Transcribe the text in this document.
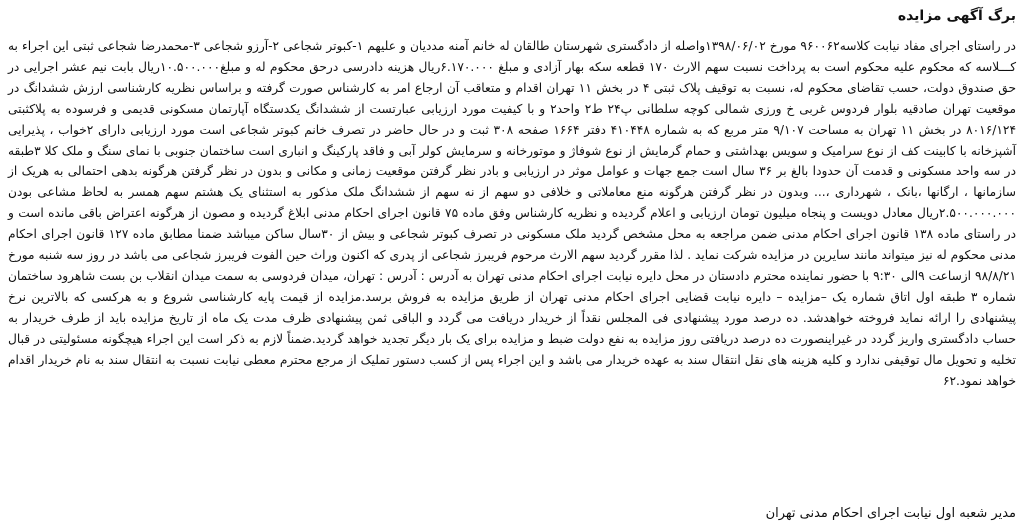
برگ آگهی مزایده

در راستای اجرای مفاد نیابت کلاسه۹۶۰۰۶۲ مورخ ۱۳۹۸/۰۶/۰۲واصله از دادگستری شهرستان طالقان له خانم آمنه مددیان و علیهم ۱-کبوتر شجاعی ۲-آرزو شجاعی ۳-محمدرضا شجاعی ثبتی این اجراء به کـــلاسه که محکوم علیه محکوم است به پرداخت نسبت سهم الارث ۱۷۰ قطعه سکه بهار آزادی و مبلغ ۶.۱۷۰.۰۰۰ریال هزینه دادرسی درحق محکوم له و مبلغ۱۰.۵۰۰.۰۰۰ریال بابت نیم عشر اجرایی در حق صندوق دولت، حسب تقاضای محکوم له، نسبت به توقیف پلاک ثبتی ۴ در بخش ۱۱ تهران اقدام و متعاقب آن ارجاع امر به کارشناس صورت گرفته و براساس نظریه کارشناسی ارزش ششدانگ در موقعیت تهران صادقیه بلوار فردوس غربی خ ورزی شمالی کوچه سلطانی پ۲۴ ط۲ واحد۲ و با کیفیت مورد ارزیابی عبارتست از ششدانگ یکدستگاه آپارتمان مسکونی قدیمی و فرسوده به پلاکثبتی ۸۰۱۶/۱۲۴ در بخش ۱۱ تهران به مساحت ۹/۱۰۷ متر مربع که به شماره ۴۱۰۴۴۸ دفتر ۱۶۶۴ صفحه ۳۰۸ ثبت و در حال حاضر در تصرف خانم کبوتر شجاعی است مورد ارزیابی دارای ۲خواب ، پذیرایی آشپزخانه با کابینت کف از نوع سرامیک و سویس بهداشتی و حمام گرمایش از نوع شوفاژ و موتورخانه و سرمایش کولر آبی و فاقد پارکینگ و انباری است ساختمان جنوبی با نمای سنگ و ملک کلا ۳طبقه در سه واحد مسکونی و قدمت آن حدودا بالغ بر ۳۶ سال است جمع جهات و عوامل موثر در ارزیابی و بادر نظر گرفتن موقعیت زمانی و مکانی و بدون در نظر گرفتن هرگونه بدهی احتمالی به هریک از سازمانها ، ارگانها ،بانک ، شهرداری ،... وبدون در نظر گرفتن هرگونه منع معاملاتی و خلافی دو سهم از نه سهم از ششدانگ ملک مذکور به استثنای یک هشتم سهم همسر به لحاظ مشاعی بودن ۲.۵۰۰.۰۰۰.۰۰۰ریال معادل دویست و پنجاه میلیون تومان ارزیابی و اعلام گردیده و نظریه کارشناس وفق ماده ۷۵ قانون اجرای احکام مدنی ابلاغ گردیده و مصون از هرگونه اعتراض باقی مانده است و در راستای ماده ۱۳۸ قانون اجرای احکام مدنی ضمن مراجعه به محل مشخص گردید ملک مسکونی در تصرف کبوتر شجاعی و بیش از ۳۰سال ساکن میباشد ضمنا مطابق ماده ۱۲۷ قانون اجرای احکام مدنی محکوم له نیز میتواند مانند سایرین در مزایده شرکت نماید . لذا مقرر گردید سهم الارث مرحوم فریبرز شجاعی از پدری که اکنون وراث حین الفوت فریبرز شجاعی می باشد در روز سه شنبه مورخ ۹۸/۸/۲۱ ازساعت ۹الی ۹:۳۰ با حضور نماینده محترم دادستان در محل دایره نیابت اجرای احکام مدنی تهران به آدرس : آدرس : تهران، میدان فردوسی به سمت میدان انقلاب بن بست شاهرود ساختمان شماره ۳ طبقه اول اتاق شماره یک –مزایده – دایره نیابت قضایی اجرای احکام مدنی تهران از طریق مزایده به فروش برسد.مزایده از قیمت پایه کارشناسی شروع و به هرکسی که بالاترین نرخ پیشنهادی را ارائه نماید فروخته خواهدشد. ده درصد مورد پیشنهادی فی المجلس نقداً از خریدار دریافت می گردد و الباقی ثمن پیشنهادی ظرف مدت یک ماه از تاریخ مزایده باید از طرف خریدار به حساب دادگستری واریز گردد در غیراینصورت ده درصد دریافتی روز مزایده به نفع دولت ضبط و مزایده برای یک بار دیگر تجدید خواهد گردید.ضمناً لازم به ذکر است این اجراء هیچگونه مسئولیتی در قبال تخلیه و تحویل مال توقیفی ندارد و کلیه هزینه های نقل انتقال سند به عهده خریدار می باشد و این اجراء پس از کسب دستور تملیک از مرجع محترم معطی نیابت نسبت به انتقال سند به نام خریدار اقدام خواهد نمود.۶۲

مدیر شعبه اول نیابت اجرای احکام مدنی تهران
